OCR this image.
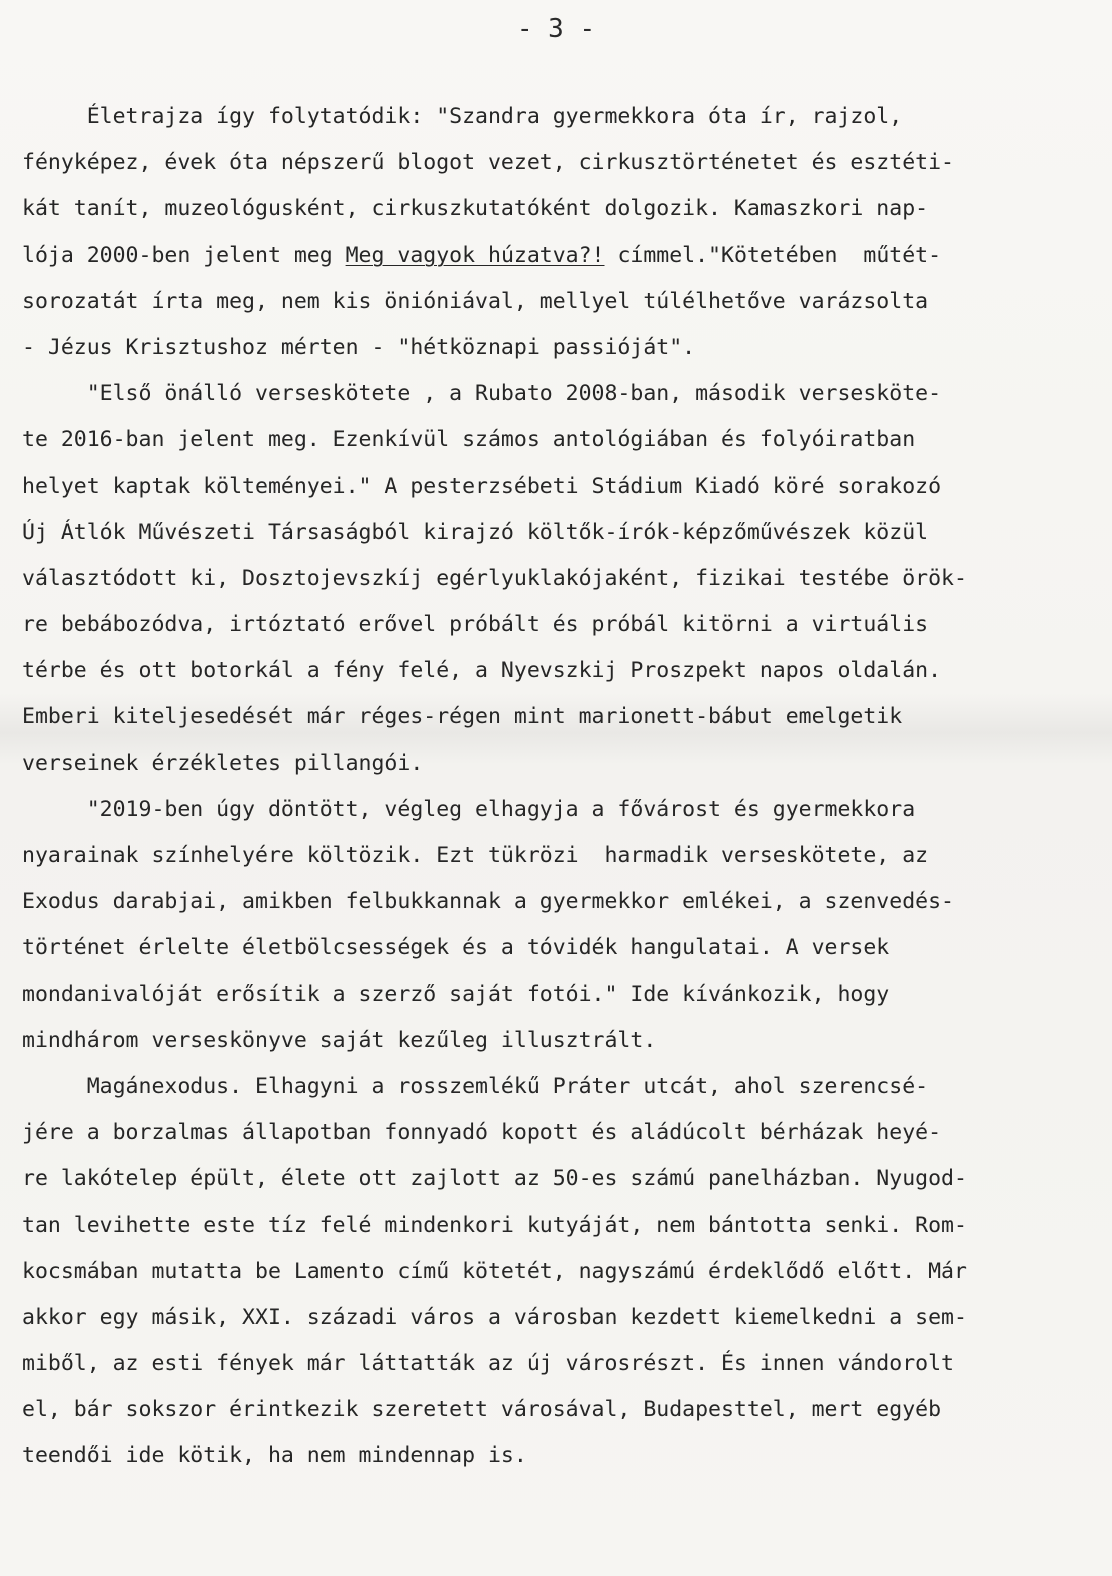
- 3 -
Életrajza így folytatódik: "Szandra gyermekkora óta ír, rajzol,
fényképez, évek óta népszerű blogot vezet, cirkusztörténetet és esztéti-
kát tanít, muzeológusként, cirkuszkutatóként dolgozik. Kamaszkori nap-
lója 2000-ben jelent meg Meg vagyok húzatva?! címmel."Kötetében  műtét-
sorozatát írta meg, nem kis önióniával, mellyel túlélhetőve varázsolta
- Jézus Krisztushoz mérten - "hétköznapi passióját".
"Első önálló verseskötete , a Rubato 2008-ban, második versesköte-
te 2016-ban jelent meg. Ezenkívül számos antológiában és folyóiratban
helyet kaptak költeményei." A pesterzsébeti Stádium Kiadó köré sorakozó
Új Átlók Művészeti Társaságból kirajzó költők-írók-képzőművészek közül
választódott ki, Dosztojevszkíj egérlyuklakójaként, fizikai testébe örök-
re bebábozódva, irtóztató erővel próbált és próbál kitörni a virtuális
térbe és ott botorkál a fény felé, a Nyevszkij Proszpekt napos oldalán.
Emberi kiteljesedését már réges-régen mint marionett-bábut emelgetik
verseinek érzékletes pillangói.
"2019-ben úgy döntött, végleg elhagyja a fővárost és gyermekkora
nyarainak színhelyére költözik. Ezt tükrözi  harmadik verseskötete, az
Exodus darabjai, amikben felbukkannak a gyermekkor emlékei, a szenvedés-
történet érlelte életbölcsességek és a tóvidék hangulatai. A versek
mondanivalóját erősítik a szerző saját fotói." Ide kívánkozik, hogy
mindhárom verseskönyve saját kezűleg illusztrált.
Magánexodus. Elhagyni a rosszemlékű Práter utcát, ahol szerencsé-
jére a borzalmas állapotban fonnyadó kopott és aládúcolt bérházak heyé-
re lakótelep épült, élete ott zajlott az 50-es számú panelházban. Nyugod-
tan levihette este tíz felé mindenkori kutyáját, nem bántotta senki. Rom-
kocsmában mutatta be Lamento című kötetét, nagyszámú érdeklődő előtt. Már
akkor egy másik, XXI. századi város a városban kezdett kiemelkedni a sem-
miből, az esti fények már láttatták az új városrészt. És innen vándorolt
el, bár sokszor érintkezik szeretett városával, Budapesttel, mert egyéb
teendői ide kötik, ha nem mindennap is.
